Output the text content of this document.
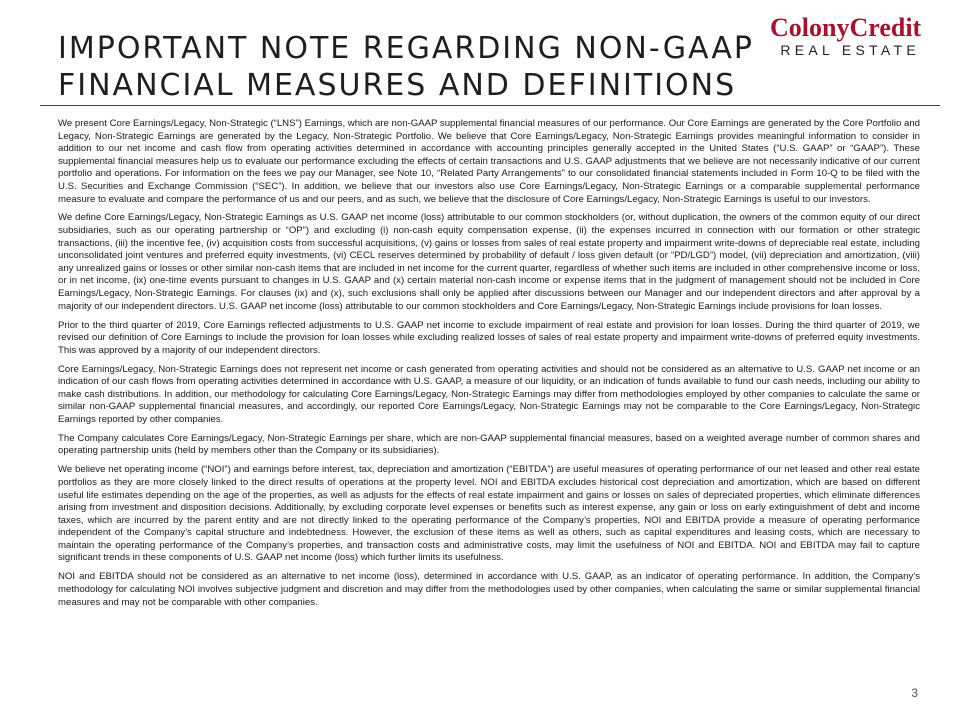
IMPORTANT NOTE REGARDING NON-GAAP
FINANCIAL MEASURES AND DEFINITIONS
ColonyCredit
REAL ESTATE

We present Core Earnings/Legacy, Non-Strategic (“LNS”) Earnings, which are non-GAAP supplemental financial measures of our performance. Our Core Earnings are generated by the Core Portfolio and Legacy, Non-Strategic Earnings are generated by the Legacy, Non-Strategic Portfolio. We believe that Core Earnings/Legacy, Non-Strategic Earnings provides meaningful information to consider in addition to our net income and cash flow from operating activities determined in accordance with accounting principles generally accepted in the United States (“U.S. GAAP” or “GAAP”). These supplemental financial measures help us to evaluate our performance excluding the effects of certain transactions and U.S. GAAP adjustments that we believe are not necessarily indicative of our current portfolio and operations. For information on the fees we pay our Manager, see Note 10, “Related Party Arrangements” to our consolidated financial statements included in Form 10-Q to be filed with the U.S. Securities and Exchange Commission (“SEC”). In addition, we believe that our investors also use Core Earnings/Legacy, Non-Strategic Earnings or a comparable supplemental performance measure to evaluate and compare the performance of us and our peers, and as such, we believe that the disclosure of Core Earnings/Legacy, Non-Strategic Earnings is useful to our investors.

We define Core Earnings/Legacy, Non-Strategic Earnings as U.S. GAAP net income (loss) attributable to our common stockholders (or, without duplication, the owners of the common equity of our direct subsidiaries, such as our operating partnership or “OP”) and excluding (i) non-cash equity compensation expense, (ii) the expenses incurred in connection with our formation or other strategic transactions, (iii) the incentive fee, (iv) acquisition costs from successful acquisitions, (v) gains or losses from sales of real estate property and impairment write-downs of depreciable real estate, including unconsolidated joint ventures and preferred equity investments, (vi) CECL reserves determined by probability of default / loss given default (or “PD/LGD”) model, (vii) depreciation and amortization, (viii) any unrealized gains or losses or other similar non-cash items that are included in net income for the current quarter, regardless of whether such items are included in other comprehensive income or loss, or in net income, (ix) one-time events pursuant to changes in U.S. GAAP and (x) certain material non-cash income or expense items that in the judgment of management should not be included in Core Earnings/Legacy, Non-Strategic Earnings. For clauses (ix) and (x), such exclusions shall only be applied after discussions between our Manager and our independent directors and after approval by a majority of our independent directors. U.S. GAAP net income (loss) attributable to our common stockholders and Core Earnings/Legacy, Non-Strategic Earnings include provisions for loan losses.

Prior to the third quarter of 2019, Core Earnings reflected adjustments to U.S. GAAP net income to exclude impairment of real estate and provision for loan losses. During the third quarter of 2019, we revised our definition of Core Earnings to include the provision for loan losses while excluding realized losses of sales of real estate property and impairment write-downs of preferred equity investments. This was approved by a majority of our independent directors.

Core Earnings/Legacy, Non-Strategic Earnings does not represent net income or cash generated from operating activities and should not be considered as an alternative to U.S. GAAP net income or an indication of our cash flows from operating activities determined in accordance with U.S. GAAP, a measure of our liquidity, or an indication of funds available to fund our cash needs, including our ability to make cash distributions. In addition, our methodology for calculating Core Earnings/Legacy, Non-Strategic Earnings may differ from methodologies employed by other companies to calculate the same or similar non-GAAP supplemental financial measures, and accordingly, our reported Core Earnings/Legacy, Non-Strategic Earnings may not be comparable to the Core Earnings/Legacy, Non-Strategic Earnings reported by other companies.

The Company calculates Core Earnings/Legacy, Non-Strategic Earnings per share, which are non-GAAP supplemental financial measures, based on a weighted average number of common shares and operating partnership units (held by members other than the Company or its subsidiaries).

We believe net operating income (“NOI”) and earnings before interest, tax, depreciation and amortization (“EBITDA”) are useful measures of operating performance of our net leased and other real estate portfolios as they are more closely linked to the direct results of operations at the property level. NOI and EBITDA excludes historical cost depreciation and amortization, which are based on different useful life estimates depending on the age of the properties, as well as adjusts for the effects of real estate impairment and gains or losses on sales of depreciated properties, which eliminate differences arising from investment and disposition decisions. Additionally, by excluding corporate level expenses or benefits such as interest expense, any gain or loss on early extinguishment of debt and income taxes, which are incurred by the parent entity and are not directly linked to the operating performance of the Company’s properties, NOI and EBITDA provide a measure of operating performance independent of the Company’s capital structure and indebtedness. However, the exclusion of these items as well as others, such as capital expenditures and leasing costs, which are necessary to maintain the operating performance of the Company’s properties, and transaction costs and administrative costs, may limit the usefulness of NOI and EBITDA. NOI and EBITDA may fail to capture significant trends in these components of U.S. GAAP net income (loss) which further limits its usefulness.

NOI and EBITDA should not be considered as an alternative to net income (loss), determined in accordance with U.S. GAAP, as an indicator of operating performance. In addition, the Company’s methodology for calculating NOI involves subjective judgment and discretion and may differ from the methodologies used by other companies, when calculating the same or similar supplemental financial measures and may not be comparable with other companies.

3
